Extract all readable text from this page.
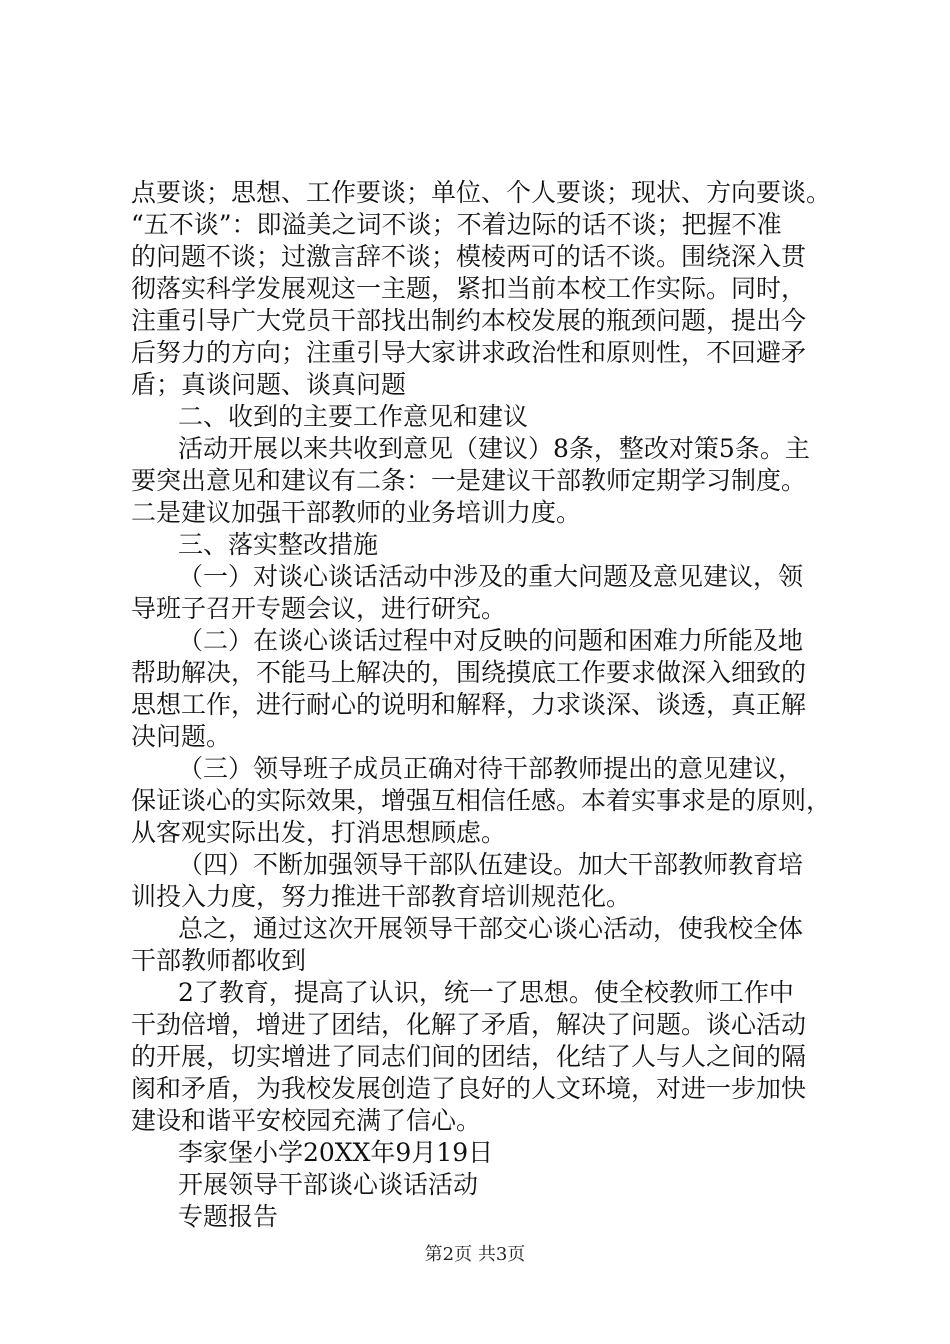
点要谈；思想、工作要谈；单位、个人要谈；现状、方向要谈。
“五不谈”：即溢美之词不谈；不着边际的话不谈；把握不准
的问题不谈；过激言辞不谈；模棱两可的话不谈。围绕深入贯
彻落实科学发展观这一主题，紧扣当前本校工作实际。同时，
注重引导广大党员干部找出制约本校发展的瓶颈问题，提出今
后努力的方向；注重引导大家讲求政治性和原则性，不回避矛
盾；真谈问题、谈真问题
二、收到的主要工作意见和建议
活动开展以来共收到意见（建议）8条，整改对策5条。主
要突出意见和建议有二条：一是建议干部教师定期学习制度。
二是建议加强干部教师的业务培训力度。
三、落实整改措施
（一）对谈心谈话活动中涉及的重大问题及意见建议，领
导班子召开专题会议，进行研究。
（二）在谈心谈话过程中对反映的问题和困难力所能及地
帮助解决，不能马上解决的，围绕摸底工作要求做深入细致的
思想工作，进行耐心的说明和解释，力求谈深、谈透，真正解
决问题。
（三）领导班子成员正确对待干部教师提出的意见建议，
保证谈心的实际效果，增强互相信任感。本着实事求是的原则，
从客观实际出发，打消思想顾虑。
（四）不断加强领导干部队伍建设。加大干部教师教育培
训投入力度，努力推进干部教育培训规范化。
总之，通过这次开展领导干部交心谈心活动，使我校全体
干部教师都收到
2了教育，提高了认识，统一了思想。使全校教师工作中
干劲倍增，增进了团结，化解了矛盾，解决了问题。谈心活动
的开展，切实增进了同志们间的团结，化结了人与人之间的隔
阂和矛盾，为我校发展创造了良好的人文环境，对进一步加快
建设和谐平安校园充满了信心。
李家堡小学20XX年9月19日
开展领导干部谈心谈话活动
专题报告
第2页 共3页
